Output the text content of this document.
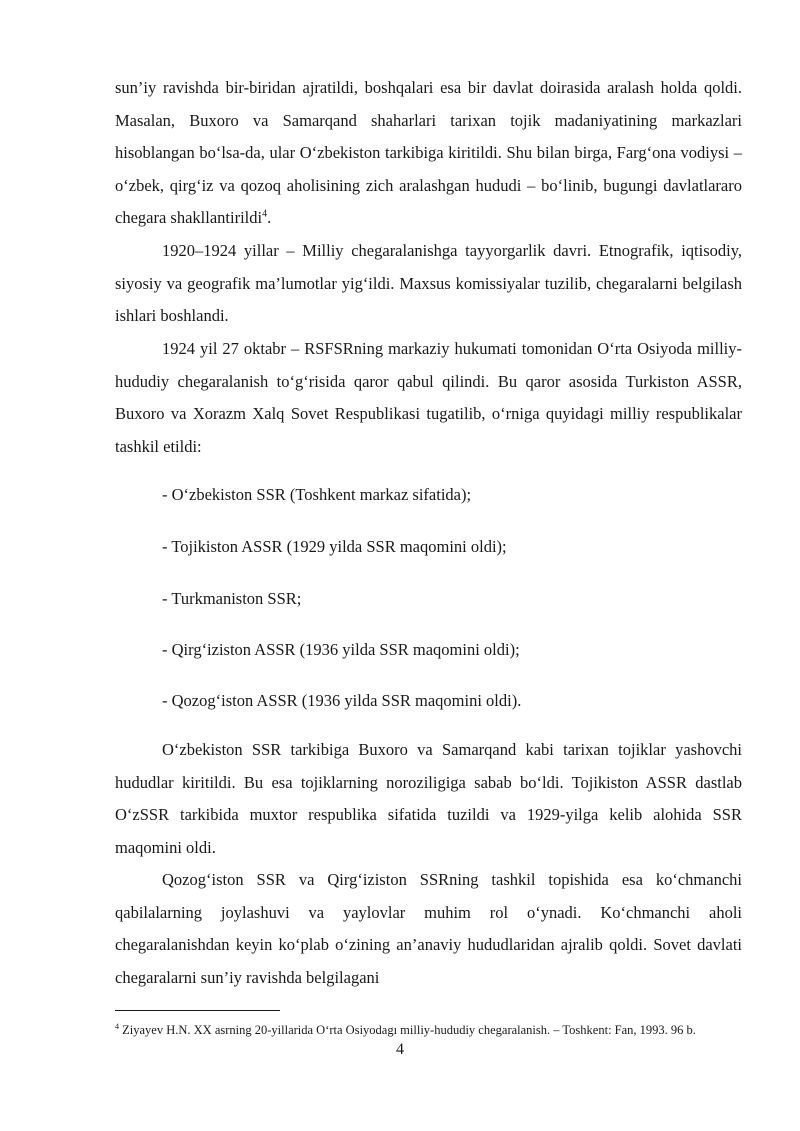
sun’iy ravishda bir-biridan ajratildi, boshqalari esa bir davlat doirasida aralash holda qoldi. Masalan, Buxoro va Samarqand shaharlari tarixan tojik madaniyatining markazlari hisoblangan bo‘lsa-da, ular O‘zbekiston tarkibiga kiritildi. Shu bilan birga, Farg‘ona vodiysi – o‘zbek, qirg‘iz va qozoq aholisining zich aralashgan hududi – bo‘linib, bugungi davlatlararo chegara shakllantirildi$^4$.

1920–1924 yillar – Milliy chegaralanishga tayyorgarlik davri. Etnografik, iqtisodiy, siyosiy va geografik ma’lumotlar yig‘ildi. Maxsus komissiyalar tuzilib, chegaralarni belgilash ishlari boshlandi.

1924 yil 27 oktabr – RSFSRning markaziy hukumati tomonidan O‘rta Osiyoda milliy-hududiy chegaralanish to‘g‘risida qaror qabul qilindi. Bu qaror asosida Turkiston ASSR, Buxoro va Xorazm Xalq Sovet Respublikasi tugatilib, o‘rniga quyidagi milliy respublikalar tashkil etildi:

- O‘zbekiston SSR (Toshkent markaz sifatida);

- Tojikiston ASSR (1929 yilda SSR maqomini oldi);

- Turkmaniston SSR;

- Qirg‘iziston ASSR (1936 yilda SSR maqomini oldi);

- Qozog‘iston ASSR (1936 yilda SSR maqomini oldi).

O‘zbekiston SSR tarkibiga Buxoro va Samarqand kabi tarixan tojiklar yashovchi hududlar kiritildi. Bu esa tojiklarning noroziligiga sabab bo‘ldi. Tojikiston ASSR dastlab O‘zSSR tarkibida muxtor respublika sifatida tuzildi va 1929-yilga kelib alohida SSR maqomini oldi.

Qozog‘iston SSR va Qirg‘iziston SSRning tashkil topishida esa ko‘chmanchi qabilalarning joylashuvi va yaylovlar muhim rol o‘ynadi. Ko‘chmanchi aholi chegaralanishdan keyin ko‘plab o‘zining an’anaviy hududlaridan ajralib qoldi. Sovet davlati chegaralarni sun’iy ravishda belgilagani

$^4$ Ziyayev H.N. XX asrning 20-yillarida O‘rta Osiyodagı milliy-hududiy chegaralanish. – Toshkent: Fan, 1993. 96 b.

4
